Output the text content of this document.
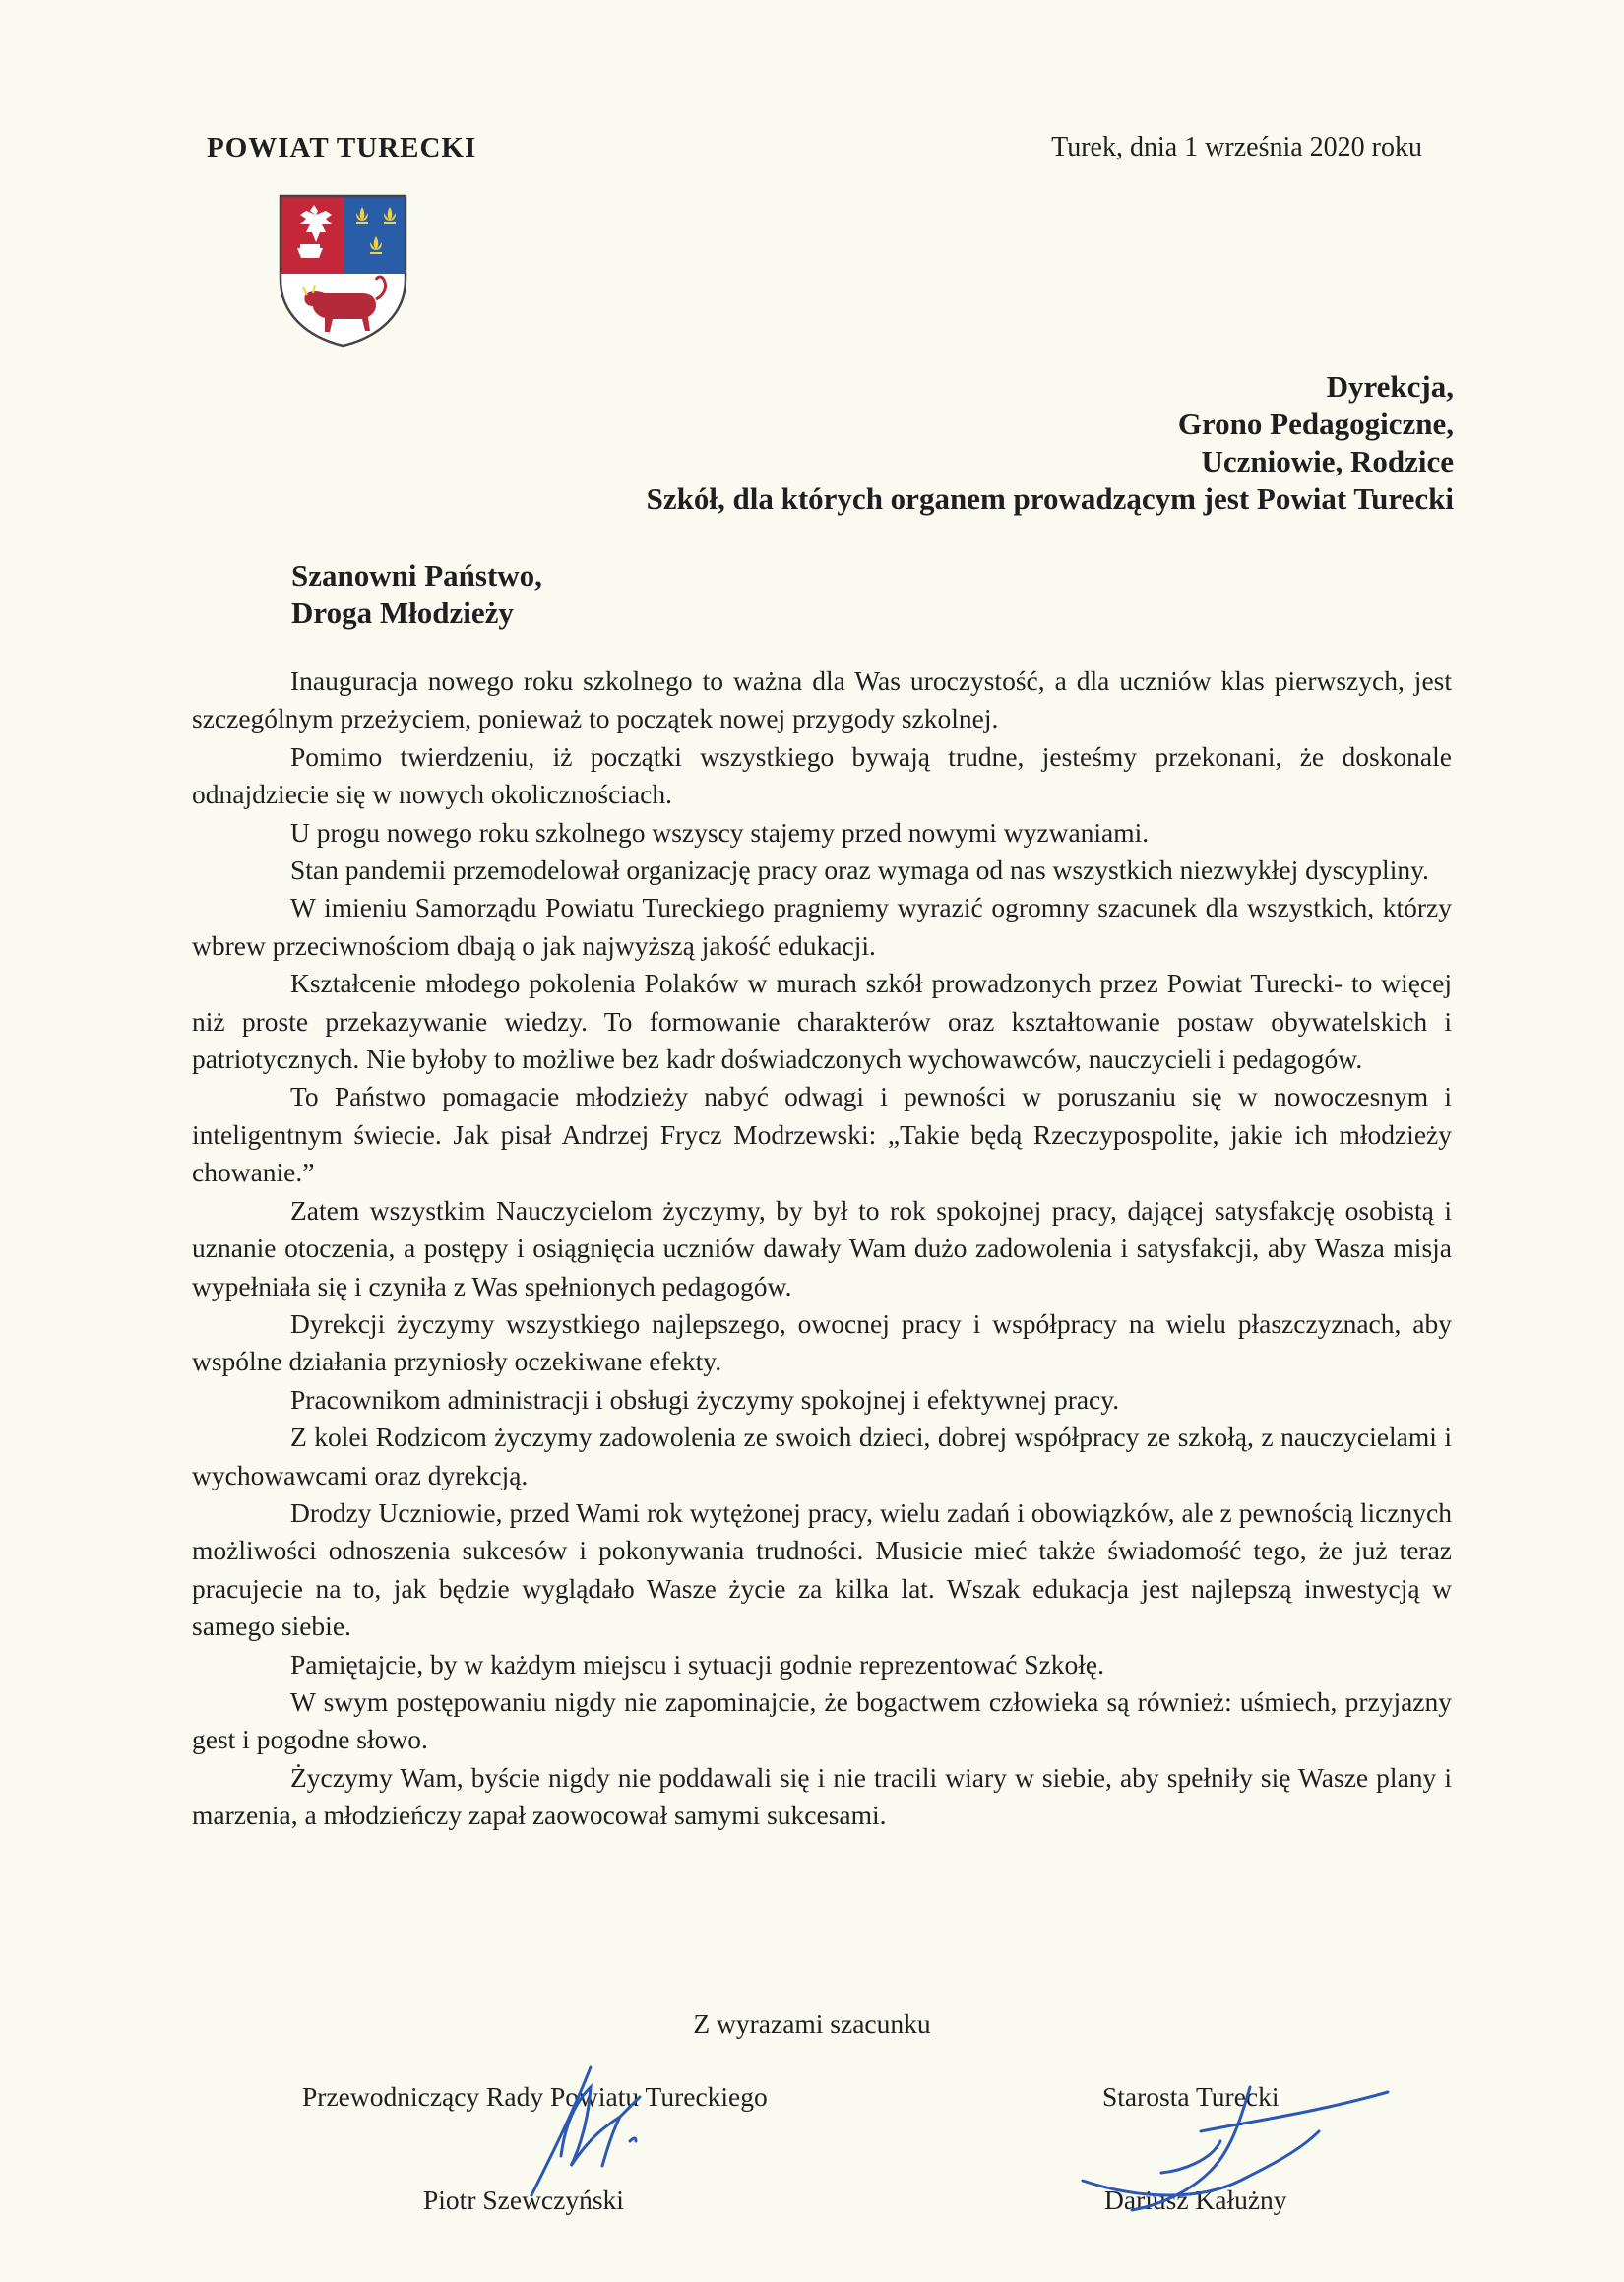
POWIAT TURECKI	Turek, dnia 1 września 2020 roku
Dyrekcja,
Grono Pedagogiczne,
Uczniowie, Rodzice
Szkół, dla których organem prowadzącym jest Powiat Turecki
Szanowni Państwo,
Droga Młodzieży

Inauguracja nowego roku szkolnego to ważna dla Was uroczystość, a dla uczniów klas pierwszych, jest szczególnym przeżyciem, ponieważ to początek nowej przygody szkolnej.

Pomimo twierdzeniu, iż początki wszystkiego bywają trudne, jesteśmy przekonani, że doskonale odnajdziecie się w nowych okolicznościach.

U progu nowego roku szkolnego wszyscy stajemy przed nowymi wyzwaniami.

Stan pandemii przemodelował organizację pracy oraz wymaga od nas wszystkich niezwykłej dyscypliny.

W imieniu Samorządu Powiatu Tureckiego pragniemy wyrazić ogromny szacunek dla wszystkich, którzy wbrew przeciwnościom dbają o jak najwyższą jakość edukacji.

Kształcenie młodego pokolenia Polaków w murach szkół prowadzonych przez Powiat Turecki- to więcej niż proste przekazywanie wiedzy. To formowanie charakterów oraz kształtowanie postaw obywatelskich i patriotycznych. Nie byłoby to możliwe bez kadr doświadczonych wychowawców, nauczycieli i pedagogów.

To Państwo pomagacie młodzieży nabyć odwagi i pewności w poruszaniu się w nowoczesnym i inteligentnym świecie. Jak pisał Andrzej Frycz Modrzewski: „Takie będą Rzeczypospolite, jakie ich młodzieży chowanie.”

Zatem wszystkim Nauczycielom życzymy, by był to rok spokojnej pracy, dającej satysfakcję osobistą i uznanie otoczenia, a postępy i osiągnięcia uczniów dawały Wam dużo zadowolenia i satysfakcji, aby Wasza misja wypełniała się i czyniła z Was spełnionych pedagogów.

Dyrekcji życzymy wszystkiego najlepszego, owocnej pracy i współpracy na wielu płaszczyznach, aby wspólne działania przyniosły oczekiwane efekty.

Pracownikom administracji i obsługi życzymy spokojnej i efektywnej pracy.

Z kolei Rodzicom życzymy zadowolenia ze swoich dzieci, dobrej współpracy ze szkołą, z nauczycielami i wychowawcami oraz dyrekcją.

Drodzy Uczniowie, przed Wami rok wytężonej pracy, wielu zadań i obowiązków, ale z pewnością licznych możliwości odnoszenia sukcesów i pokonywania trudności. Musicie mieć także świadomość tego, że już teraz pracujecie na to, jak będzie wyglądało Wasze życie za kilka lat. Wszak edukacja jest najlepszą inwestycją w samego siebie.

Pamiętajcie, by w każdym miejscu i sytuacji godnie reprezentować Szkołę.

W swym postępowaniu nigdy nie zapominajcie, że bogactwem człowieka są również: uśmiech, przyjazny gest i pogodne słowo.

Życzymy Wam, byście nigdy nie poddawali się i nie tracili wiary w siebie, aby spełniły się Wasze plany i marzenia, a młodzieńczy zapał zaowocował samymi sukcesami.

Z wyrazami szacunku
Przewodniczący Rady Powiatu Tureckiego
Piotr Szewczyński
Starosta Turecki
Dariusz Kałużny
